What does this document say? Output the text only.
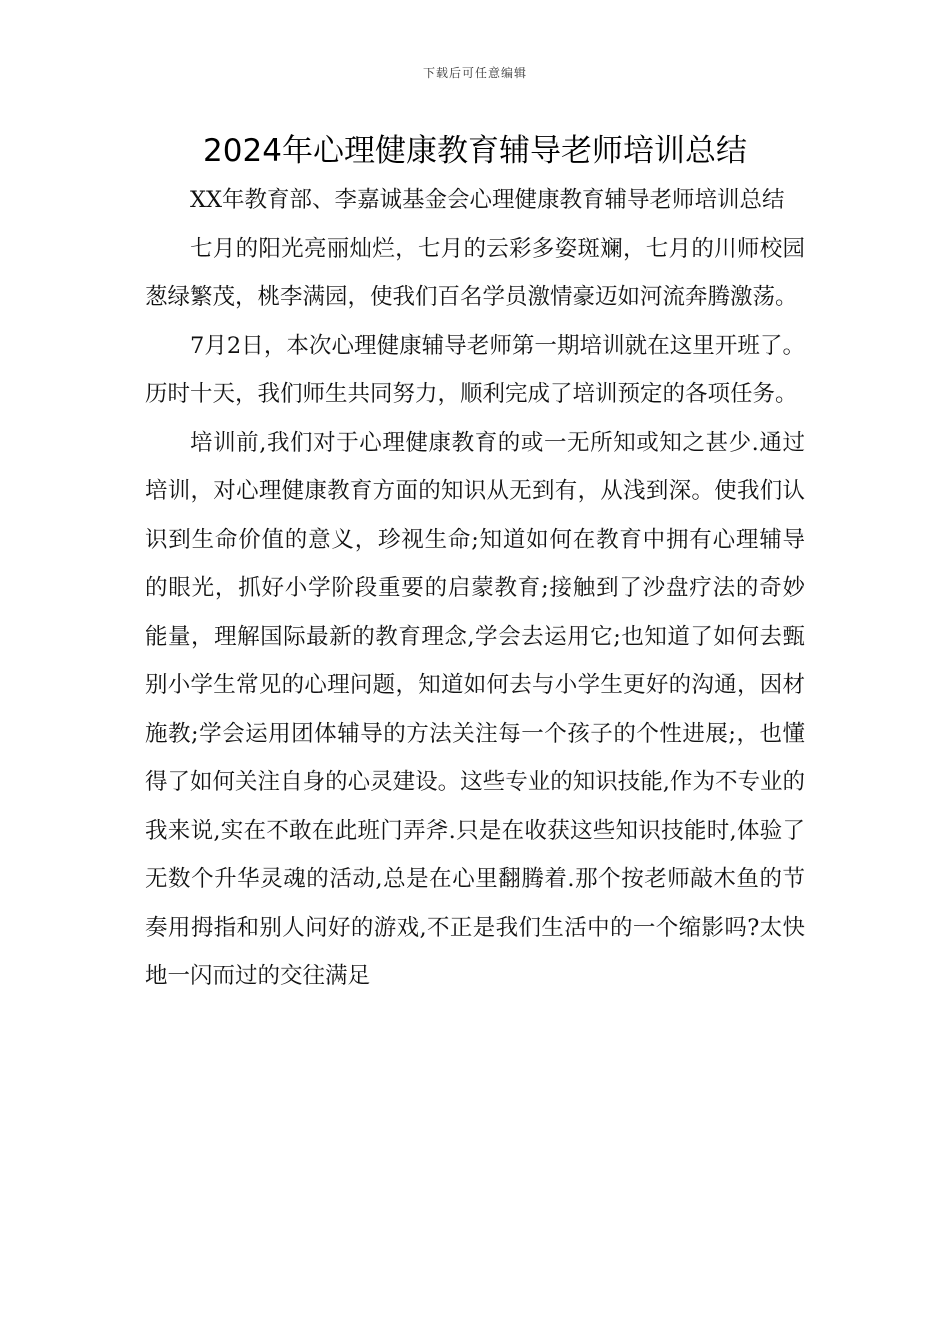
下载后可任意编辑
2024年心理健康教育辅导老师培训总结

XX年教育部、李嘉诚基金会心理健康教育辅导老师培训总结

七月的阳光亮丽灿烂，七月的云彩多姿斑斓，七月的川师校园葱绿繁茂，桃李满园，使我们百名学员激情豪迈如河流奔腾激荡。

7月2日，本次心理健康辅导老师第一期培训就在这里开班了。历时十天，我们师生共同努力，顺利完成了培训预定的各项任务。

培训前,我们对于心理健康教育的或一无所知或知之甚少.通过培训，对心理健康教育方面的知识从无到有，从浅到深。使我们认识到生命价值的意义，珍视生命;知道如何在教育中拥有心理辅导的眼光，抓好小学阶段重要的启蒙教育;接触到了沙盘疗法的奇妙能量，理解国际最新的教育理念,学会去运用它;也知道了如何去甄别小学生常见的心理问题，知道如何去与小学生更好的沟通，因材施教;学会运用团体辅导的方法关注每一个孩子的个性进展;，也懂得了如何关注自身的心灵建设。这些专业的知识技能,作为不专业的我来说,实在不敢在此班门弄斧.只是在收获这些知识技能时,体验了无数个升华灵魂的活动,总是在心里翻腾着.那个按老师敲木鱼的节奏用拇指和别人问好的游戏,不正是我们生活中的一个缩影吗?太快地一闪而过的交往满足
